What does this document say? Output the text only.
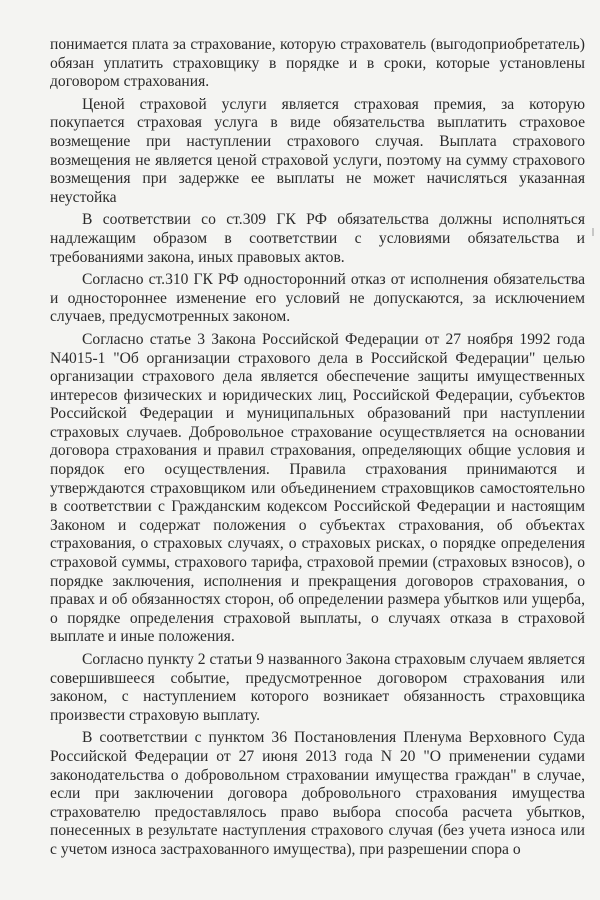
понимается плата за страхование, которую страхователь (выгодоприобретатель) обязан уплатить страховщику в порядке и в сроки, которые установлены договором страхования.

Ценой страховой услуги является страховая премия, за которую покупается страховая услуга в виде обязательства выплатить страховое возмещение при наступлении страхового случая. Выплата страхового возмещения не является ценой страховой услуги, поэтому на сумму страхового возмещения при задержке ее выплаты не может начисляться указанная неустойка

В соответствии со ст.309 ГК РФ обязательства должны исполняться надлежащим образом в соответствии с условиями обязательства и требованиями закона, иных правовых актов.

Согласно ст.310 ГК РФ односторонний отказ от исполнения обязательства и одностороннее изменение его условий не допускаются, за исключением случаев, предусмотренных законом.

Согласно статье 3 Закона Российской Федерации от 27 ноября 1992 года N4015-1 "Об организации страхового дела в Российской Федерации" целью организации страхового дела является обеспечение защиты имущественных интересов физических и юридических лиц, Российской Федерации, субъектов Российской Федерации и муниципальных образований при наступлении страховых случаев. Добровольное страхование осуществляется на основании договора страхования и правил страхования, определяющих общие условия и порядок его осуществления. Правила страхования принимаются и утверждаются страховщиком или объединением страховщиков самостоятельно в соответствии с Гражданским кодексом Российской Федерации и настоящим Законом и содержат положения о субъектах страхования, об объектах страхования, о страховых случаях, о страховых рисках, о порядке определения страховой суммы, страхового тарифа, страховой премии (страховых взносов), о порядке заключения, исполнения и прекращения договоров страхования, о правах и об обязанностях сторон, об определении размера убытков или ущерба, о порядке определения страховой выплаты, о случаях отказа в страховой выплате и иные положения.

Согласно пункту 2 статьи 9 названного Закона страховым случаем является совершившееся событие, предусмотренное договором страхования или законом, с наступлением которого возникает обязанность страховщика произвести страховую выплату.

В соответствии с пунктом 36 Постановления Пленума Верховного Суда Российской Федерации от 27 июня 2013 года N 20 "О применении судами законодательства о добровольном страховании имущества граждан" в случае, если при заключении договора добровольного страхования имущества страхователю предоставлялось право выбора способа расчета убытков, понесенных в результате наступления страхового случая (без учета износа или с учетом износа застрахованного имущества), при разрешении спора о
